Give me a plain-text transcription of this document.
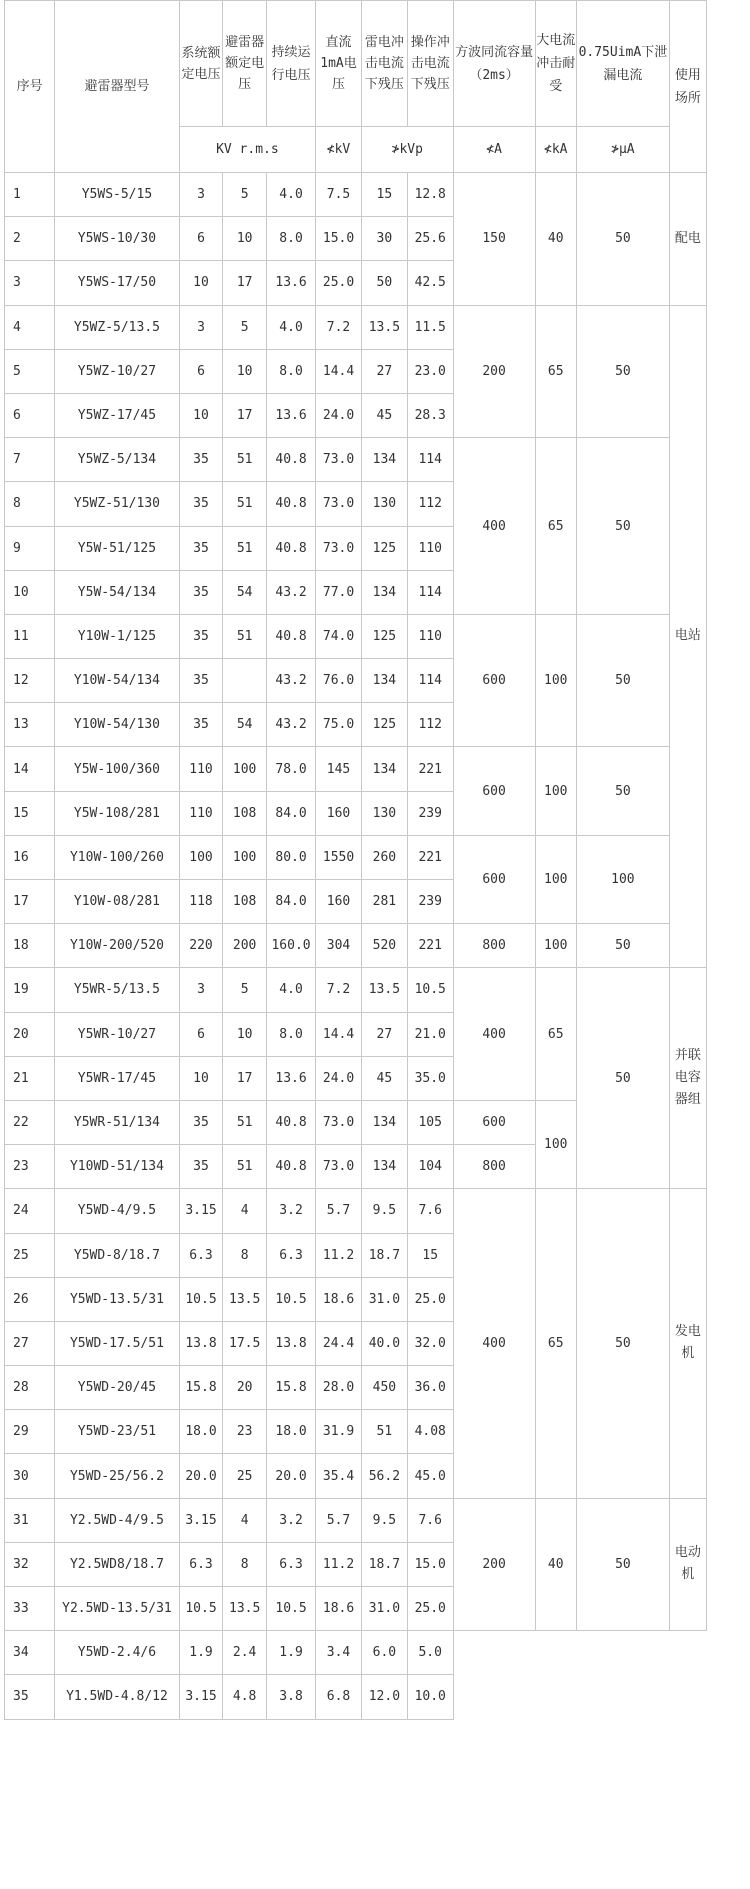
序号	避雷器型号	系统额定电压	避雷器额定电压	持续运行电压	直流1mA电压	雷电冲击电流下残压	操作冲击电流下残压	方波同流容量（2ms）	大电流冲击耐受	0.75UimA下泄漏电流	使用场所
		KV r.m.s			≮kV	≯kVp		≮A	≮kA	≯μA	
1	Y5WS-5/15	3	5	4.0	7.5	15	12.8	150	40	50	配电
2	Y5WS-10/30	6	10	8.0	15.0	30	25.6				
3	Y5WS-17/50	10	17	13.6	25.0	50	42.5				
4	Y5WZ-5/13.5	3	5	4.0	7.2	13.5	11.5	200	65	50	电站
5	Y5WZ-10/27	6	10	8.0	14.4	27	23.0				
6	Y5WZ-17/45	10	17	13.6	24.0	45	28.3				
7	Y5WZ-5/134	35	51	40.8	73.0	134	114	400	65	50	
8	Y5WZ-51/130	35	51	40.8	73.0	130	112				
9	Y5W-51/125	35	51	40.8	73.0	125	110				
10	Y5W-54/134	35	54	43.2	77.0	134	114				
11	Y10W-1/125	35	51	40.8	74.0	125	110	600	100	50	
12	Y10W-54/134	35		43.2	76.0	134	114				
13	Y10W-54/130	35	54	43.2	75.0	125	112				
14	Y5W-100/360	110	100	78.0	145	134	221	600	100	50	
15	Y5W-108/281	110	108	84.0	160	130	239				
16	Y10W-100/260	100	100	80.0	1550	260	221	600	100	100	
17	Y10W-08/281	118	108	84.0	160	281	239				
18	Y10W-200/520	220	200	160.0	304	520	221	800	100	50	
19	Y5WR-5/13.5	3	5	4.0	7.2	13.5	10.5	400	65	50	并联电容器组
20	Y5WR-10/27	6	10	8.0	14.4	27	21.0				
21	Y5WR-17/45	10	17	13.6	24.0	45	35.0				
22	Y5WR-51/134	35	51	40.8	73.0	134	105	600	100		
23	Y10WD-51/134	35	51	40.8	73.0	134	104	800			
24	Y5WD-4/9.5	3.15	4	3.2	5.7	9.5	7.6	400	65	50	发电机
25	Y5WD-8/18.7	6.3	8	6.3	11.2	18.7	15				
26	Y5WD-13.5/31	10.5	13.5	10.5	18.6	31.0	25.0				
27	Y5WD-17.5/51	13.8	17.5	13.8	24.4	40.0	32.0				
28	Y5WD-20/45	15.8	20	15.8	28.0	450	36.0				
29	Y5WD-23/51	18.0	23	18.0	31.9	51	4.08				
30	Y5WD-25/56.2	20.0	25	20.0	35.4	56.2	45.0				
31	Y2.5WD-4/9.5	3.15	4	3.2	5.7	9.5	7.6	200	40	50	电动机
32	Y2.5WD8/18.7	6.3	8	6.3	11.2	18.7	15.0				
33	Y2.5WD-13.5/31	10.5	13.5	10.5	18.6	31.0	25.0				
34	Y5WD-2.4/6	1.9	2.4	1.9	3.4	6.0	5.0				
35	Y1.5WD-4.8/12	3.15	4.8	3.8	6.8	12.0	10.0				
